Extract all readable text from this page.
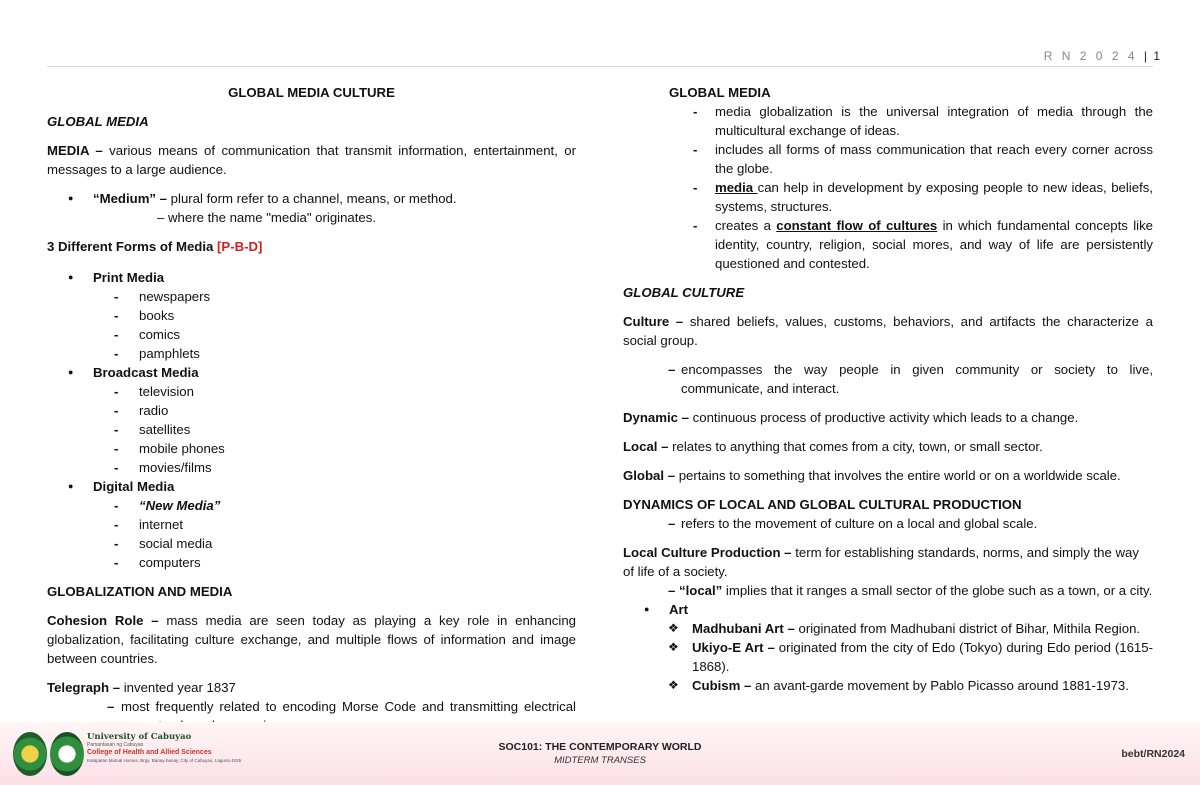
R N 2 0 2 4 | 1

GLOBAL MEDIA CULTURE

GLOBAL MEDIA

MEDIA – various means of communication that transmit information, entertainment, or messages to a large audience.

● “Medium” – plural form refer to a channel, means, or method.

– where the name "media" originates.

3 Different Forms of Media [P-B-D]

● Print Media
- newspapers
- books
- comics
- pamphlets
● Broadcast Media
- television
- radio
- satellites
- mobile phones
- movies/films
● Digital Media
- “New Media”
- internet
- social media
- computers

GLOBALIZATION AND MEDIA

Cohesion Role – mass media are seen today as playing a key role in enhancing globalization, facilitating culture exchange, and multiple flows of information and image between countries.

Telegraph – invented year 1837

– most frequently related to encoding Morse Code and transmitting electrical

GLOBAL MEDIA

- media globalization is the universal integration of media through the multicultural exchange of ideas.
- includes all forms of mass communication that reach every corner across the globe.
- media can help in development by exposing people to new ideas, beliefs, systems, structures.
- creates a constant flow of cultures in which fundamental concepts like identity, country, religion, social mores, and way of life are persistently questioned and contested.

GLOBAL CULTURE

Culture – shared beliefs, values, customs, behaviors, and artifacts the characterize a social group.

– encompasses the way people in given community or society to live, communicate, and interact.

Dynamic – continuous process of productive activity which leads to a change.

Local – relates to anything that comes from a city, town, or small sector.

Global – pertains to something that involves the entire world or on a worldwide scale.

DYNAMICS OF LOCAL AND GLOBAL CULTURAL PRODUCTION

– refers to the movement of culture on a local and global scale.

Local Culture Production – term for establishing standards, norms, and simply the way of life of a society.

– “local” implies that it ranges a small sector of the globe such as a town, or a city.

● Art
❖ Madhubani Art – originated from Madhubani district of Bihar, Mithila Region.
❖ Ukiyo-E Art – originated from the city of Edo (Tokyo) during Edo period (1615-1868).
❖ Cubism – an avant-garde movement by Pablo Picasso around 1881-1973.
University of Cabuyao
Pamantasan ng Cabuyao
College of Health and Allied Sciences
Katapatan Mutual Homes, Brgy. Banay-banay, City of Cabuyao, Laguna 4025
SOC101: THE CONTEMPORARY WORLD
MIDTERM TRANSES
bebt/RN2024
